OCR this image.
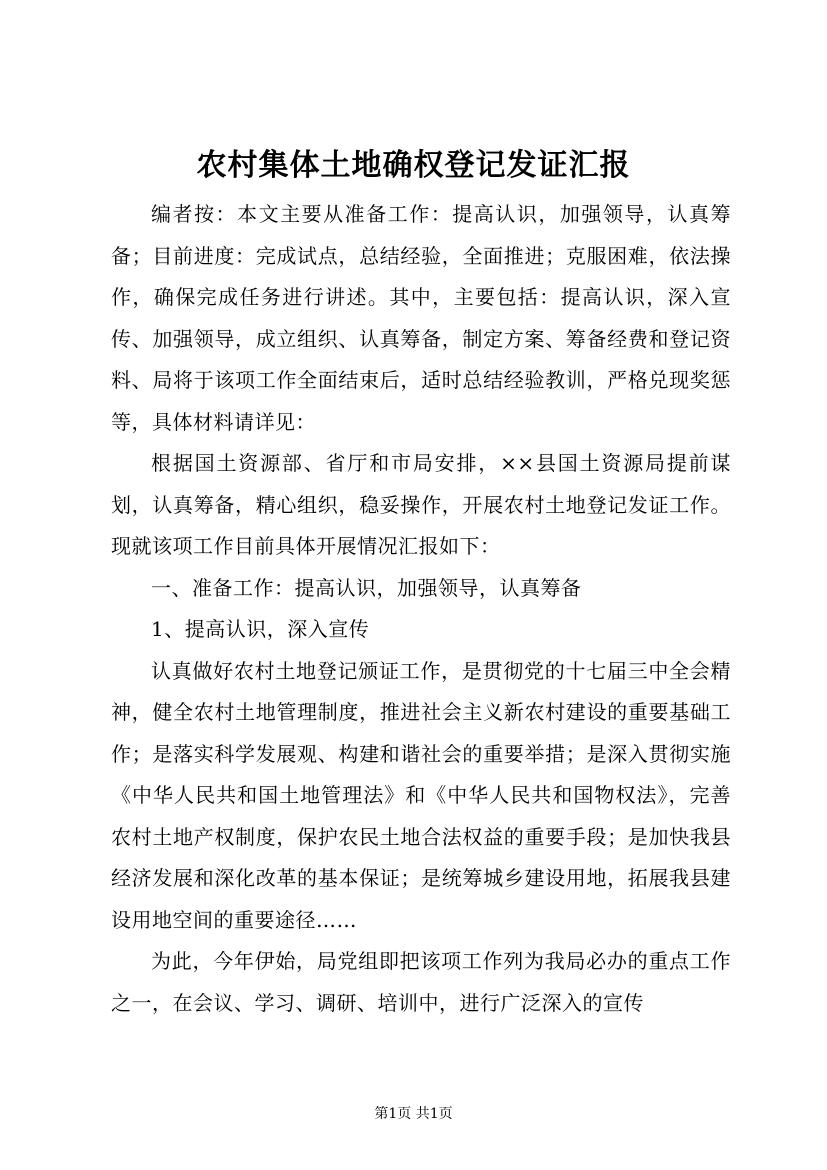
农村集体土地确权登记发证汇报

编者按：本文主要从准备工作：提高认识，加强领导，认真筹备；目前进度：完成试点，总结经验，全面推进；克服困难，依法操作，确保完成任务进行讲述。其中，主要包括：提高认识，深入宣传、加强领导，成立组织、认真筹备，制定方案、筹备经费和登记资料、局将于该项工作全面结束后，适时总结经验教训，严格兑现奖惩等，具体材料请详见：

根据国土资源部、省厅和市局安排，××县国土资源局提前谋划，认真筹备，精心组织，稳妥操作，开展农村土地登记发证工作。现就该项工作目前具体开展情况汇报如下：

一、准备工作：提高认识，加强领导，认真筹备

1、提高认识，深入宣传

认真做好农村土地登记颁证工作，是贯彻党的十七届三中全会精神，健全农村土地管理制度，推进社会主义新农村建设的重要基础工作；是落实科学发展观、构建和谐社会的重要举措；是深入贯彻实施《中华人民共和国土地管理法》和《中华人民共和国物权法》，完善农村土地产权制度，保护农民土地合法权益的重要手段；是加快我县经济发展和深化改革的基本保证；是统筹城乡建设用地，拓展我县建设用地空间的重要途径……

为此，今年伊始，局党组即把该项工作列为我局必办的重点工作之一，在会议、学习、调研、培训中，进行广泛深入的宣传

第1页 共1页
